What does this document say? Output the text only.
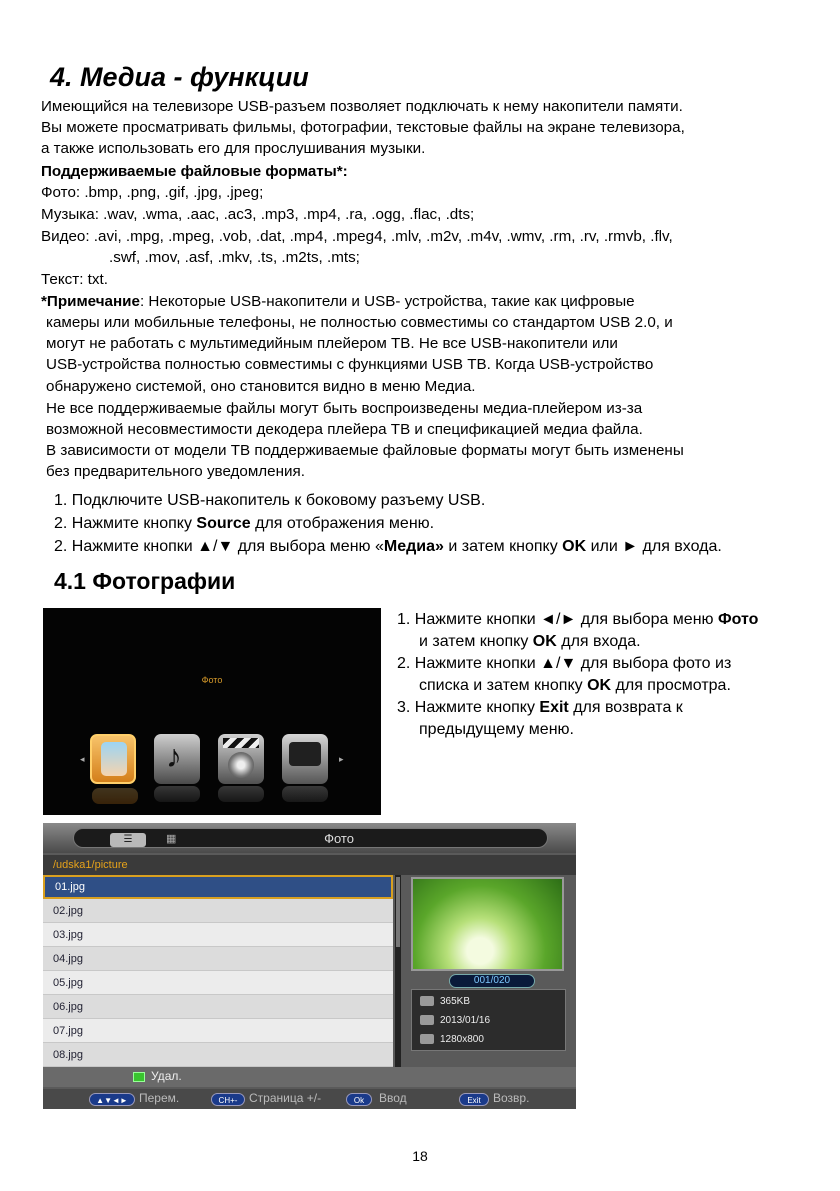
4. Медиа - функции
Имеющийся на телевизоре USB-разъем позволяет подключать к нему накопители памяти.
Вы можете просматривать фильмы, фотографии, текстовые файлы на экране телевизора,
а также использовать его для прослушивания музыки.
Поддерживаемые файловые форматы*:
Фото: .bmp, .png, .gif, .jpg, .jpeg;
Музыка: .wav, .wma, .aac, .ac3, .mp3, .mp4, .ra, .ogg, .flac, .dts;
Видео: .avi, .mpg, .mpeg, .vob, .dat, .mp4, .mpeg4, .mlv, .m2v, .m4v, .wmv, .rm, .rv, .rmvb, .flv,
.swf, .mov, .asf, .mkv, .ts, .m2ts, .mts;
Текст: txt.
*Примечание: Некоторые USB-накопители и USB- устройства, такие как цифровые
камеры или мобильные телефоны, не полностью совместимы со стандартом USB 2.0, и
могут не работать с мультимедийным плейером ТВ. Не все USB-накопители или
USB-устройства полностью совместимы с функциями USB ТВ. Когда USB-устройство
обнаружено системой, оно становится видно в меню Медиа.
Не все поддерживаемые файлы могут быть воспроизведены медиа-плейером из-за
возможной несовместимости декодера плейера ТВ и спецификацией медиа файла.
В зависимости от модели ТВ поддерживаемые файловые форматы могут быть изменены
без предварительного уведомления.
1. Подключите USB-накопитель к боковому разъему USB.
2. Нажмите кнопку Source для отображения меню.
2. Нажмите кнопки ▲/▼ для выбора меню «Медиа» и затем кнопку OK или ► для входа.
4.1 Фотографии
1. Нажмите кнопки ◄/► для выбора меню Фото
и затем кнопку OK для входа.
2. Нажмите кнопки ▲/▼ для выбора фото из
списка и затем кнопку OK для просмотра.
3. Нажмите кнопку Exit для возврата к
предыдущему меню.
Фото
◂	♪	▸
☰	▦	Фото
/udska1/picture
01.jpg
02.jpg
03.jpg
04.jpg
05.jpg
06.jpg
07.jpg
08.jpg
001/020
365KB
2013/01/16
1280x800
Удал.
▲▼◄► Перем.	CH+- Страница +/-	Ok	Ввод	Exit	Возвр.
18
